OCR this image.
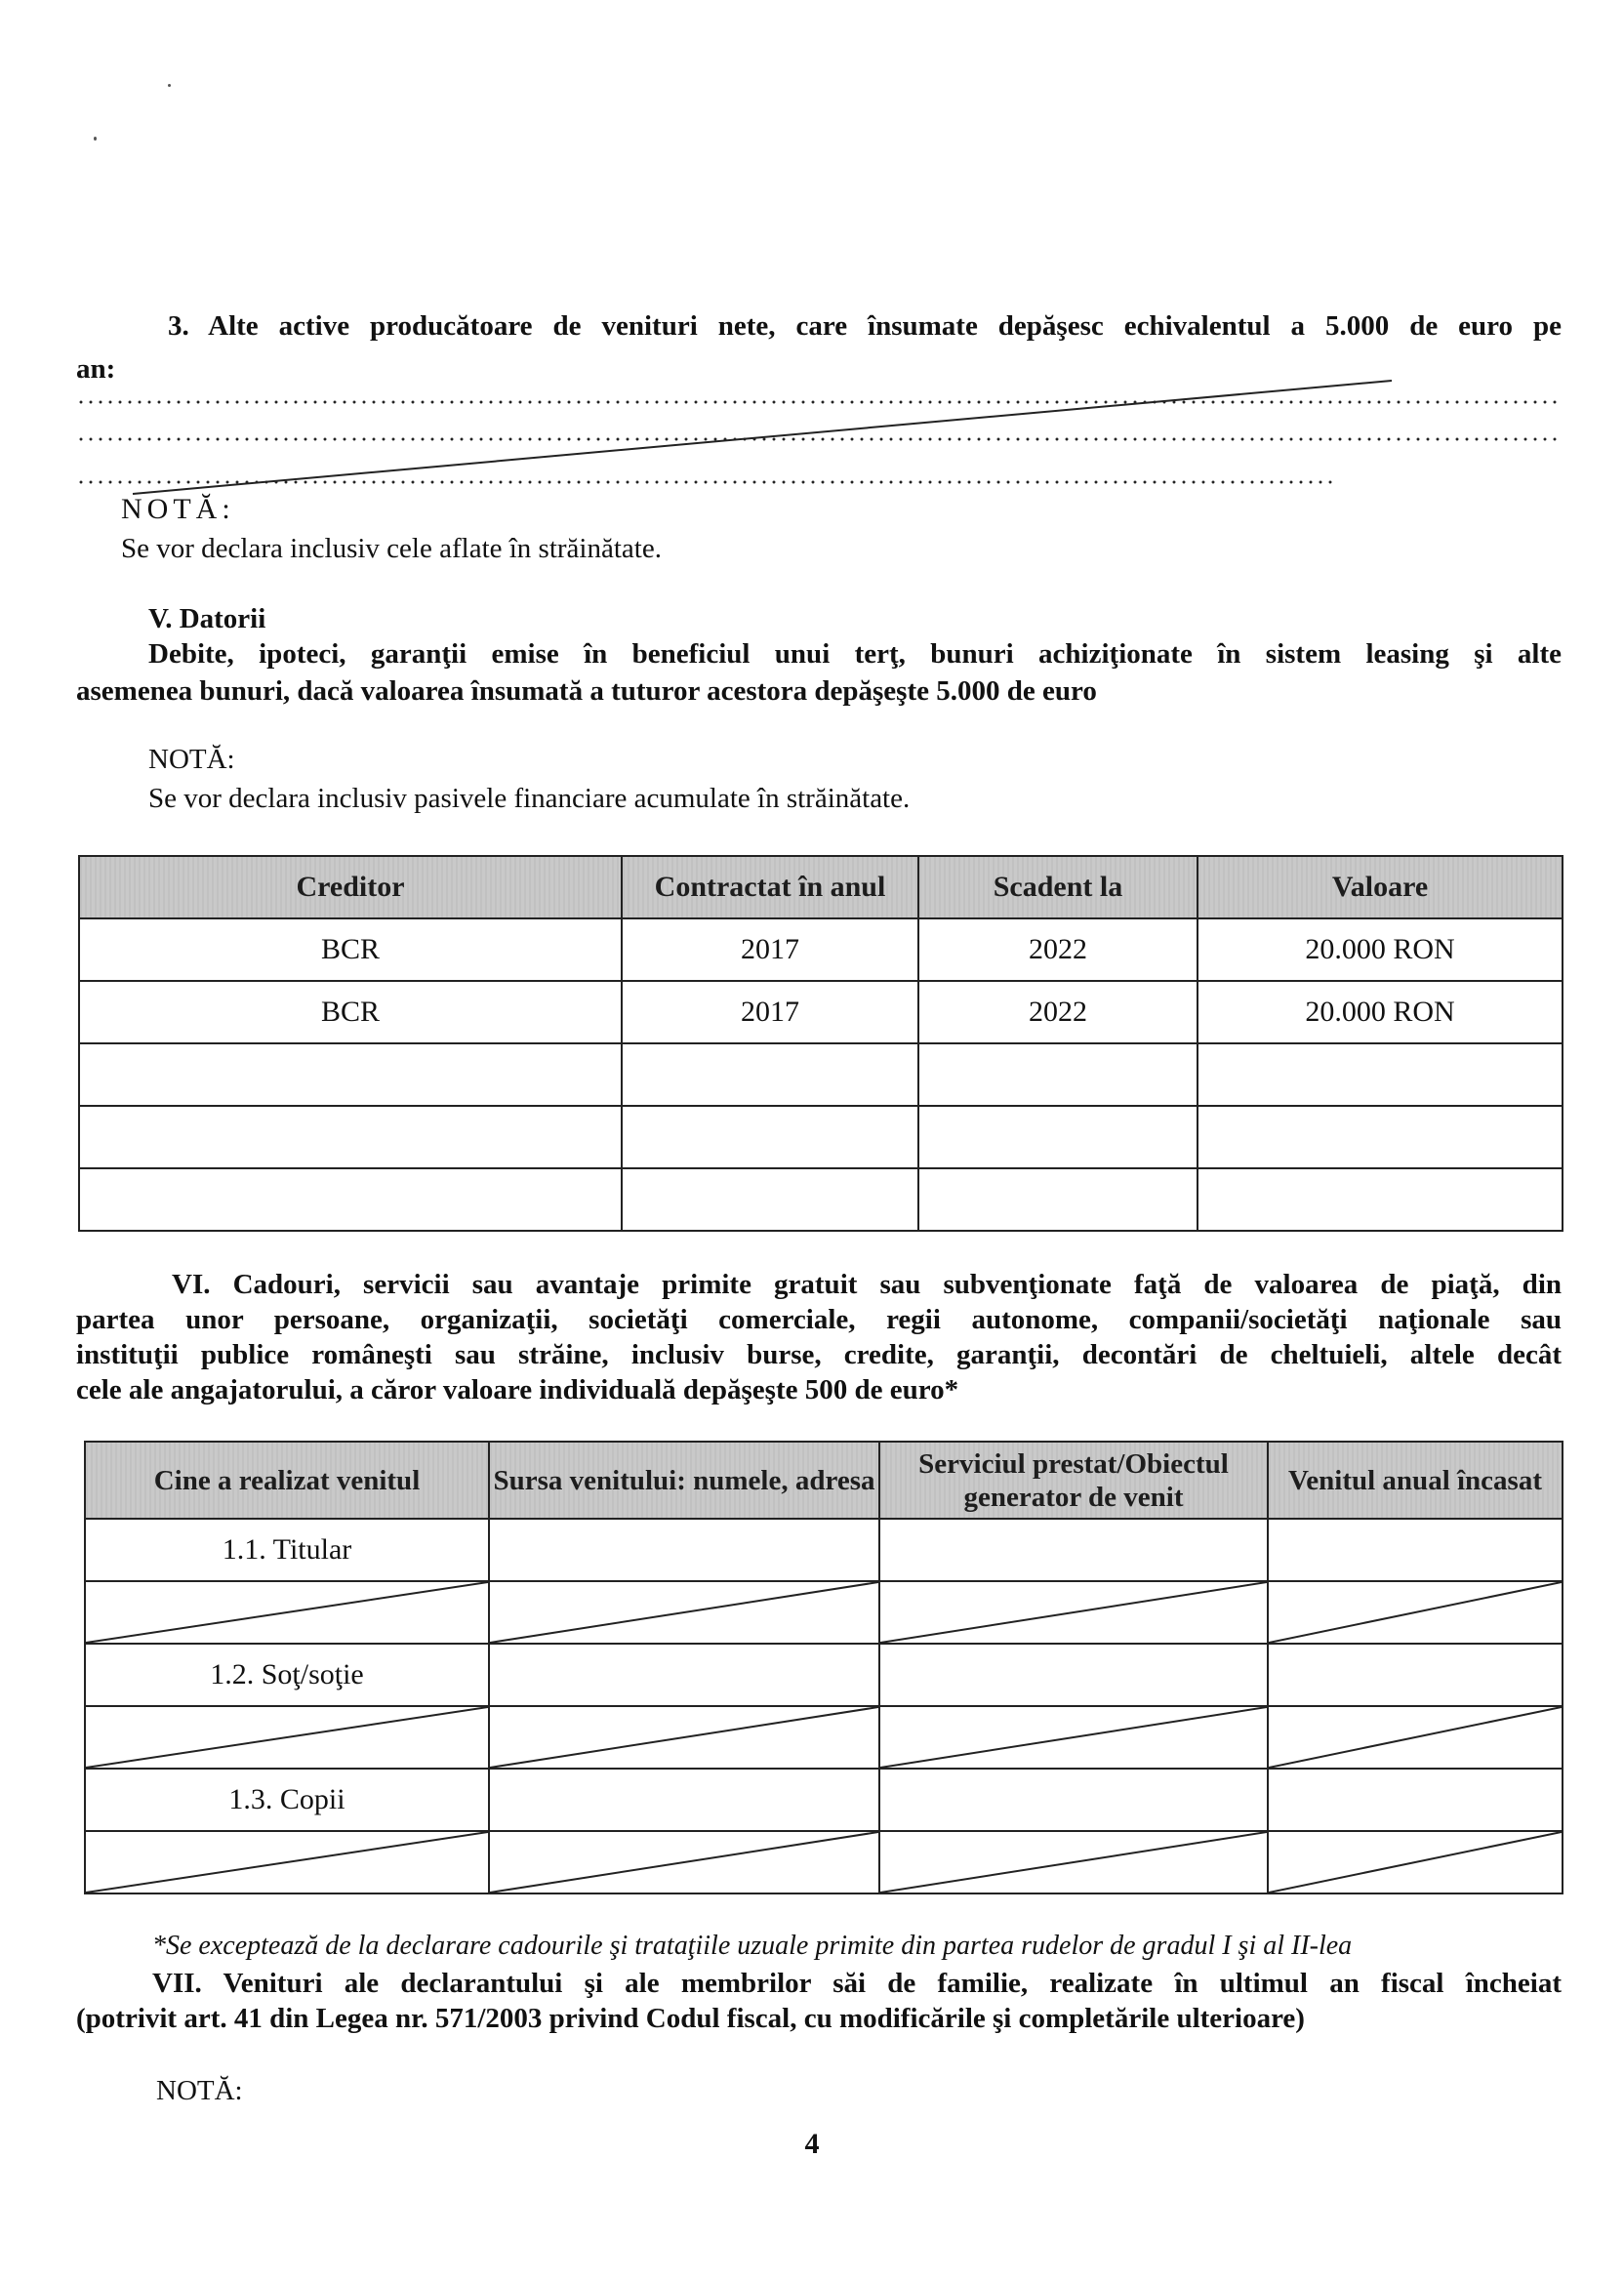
3. Alte active producătoare de venituri nete, care însumate depăşesc echivalentul a 5.000 de euro pe
an:
NOTĂ:
Se vor declara inclusiv cele aflate în străinătate.
V. Datorii
Debite, ipoteci, garanţii emise în beneficiul unui terţ, bunuri achiziţionate în sistem leasing şi alte
asemenea bunuri, dacă valoarea însumată a tuturor acestora depăşeşte 5.000 de euro
NOTĂ:
Se vor declara inclusiv pasivele financiare acumulate în străinătate.
Creditor	Contractat în anul	Scadent la	Valoare
BCR	2017	2022	20.000 RON
BCR	2017	2022	20.000 RON

VI. Cadouri, servicii sau avantaje primite gratuit sau subvenţionate faţă de valoarea de piaţă, din
partea unor persoane, organizaţii, societăţi comerciale, regii autonome, companii/societăţi naţionale sau
instituţii publice româneşti sau străine, inclusiv burse, credite, garanţii, decontări de cheltuieli, altele decât
cele ale angajatorului, a căror valoare individuală depăşeşte 500 de euro*
Cine a realizat venitul	Sursa venitului: numele, adresa	Serviciul prestat/Obiectul generator de venit	Venitul anual încasat
1.1. Titular			

1.2. Soţ/soţie			

1.3. Copii			

*Se exceptează de la declarare cadourile şi trataţiile uzuale primite din partea rudelor de gradul I şi al II-lea
VII. Venituri ale declarantului şi ale membrilor săi de familie, realizate în ultimul an fiscal încheiat
(potrivit art. 41 din Legea nr. 571/2003 privind Codul fiscal, cu modificările şi completările ulterioare)
NOTĂ:
4
